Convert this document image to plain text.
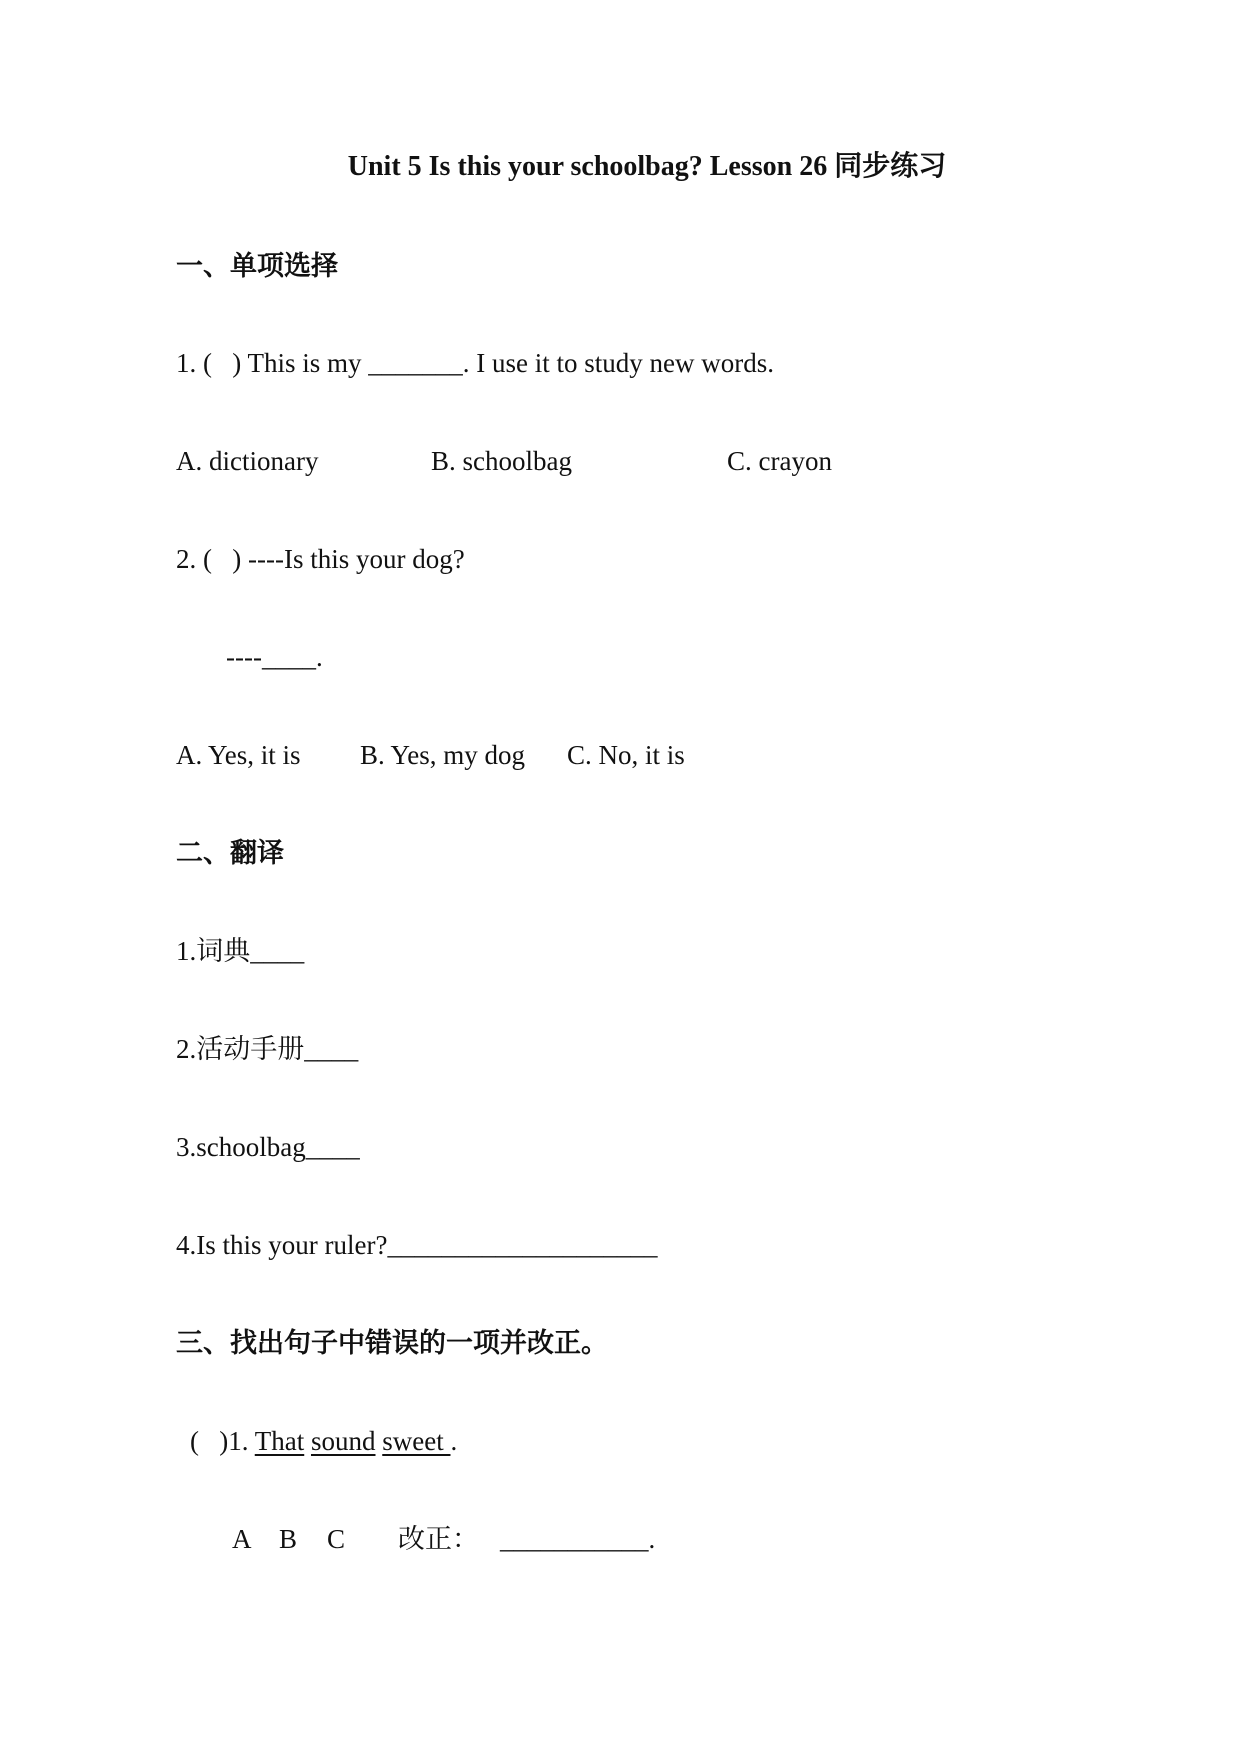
Unit 5 Is this your schoolbag? Lesson 26 同步练习
一、单项选择
1. (   ) This is my _______. I use it to study new words.
A. dictionary	B. schoolbag	C. crayon
2. (   ) ----Is this your dog?
----____.
A. Yes, it is B. Yes, my dog C. No, it is
二、翻译
1.词典____
2.活动手册____
3.schoolbag____
4.Is this your ruler?____________________
三、找出句子中错误的一项并改正。
(   )1. That sound sweet .
A B C 改正： ___________.
